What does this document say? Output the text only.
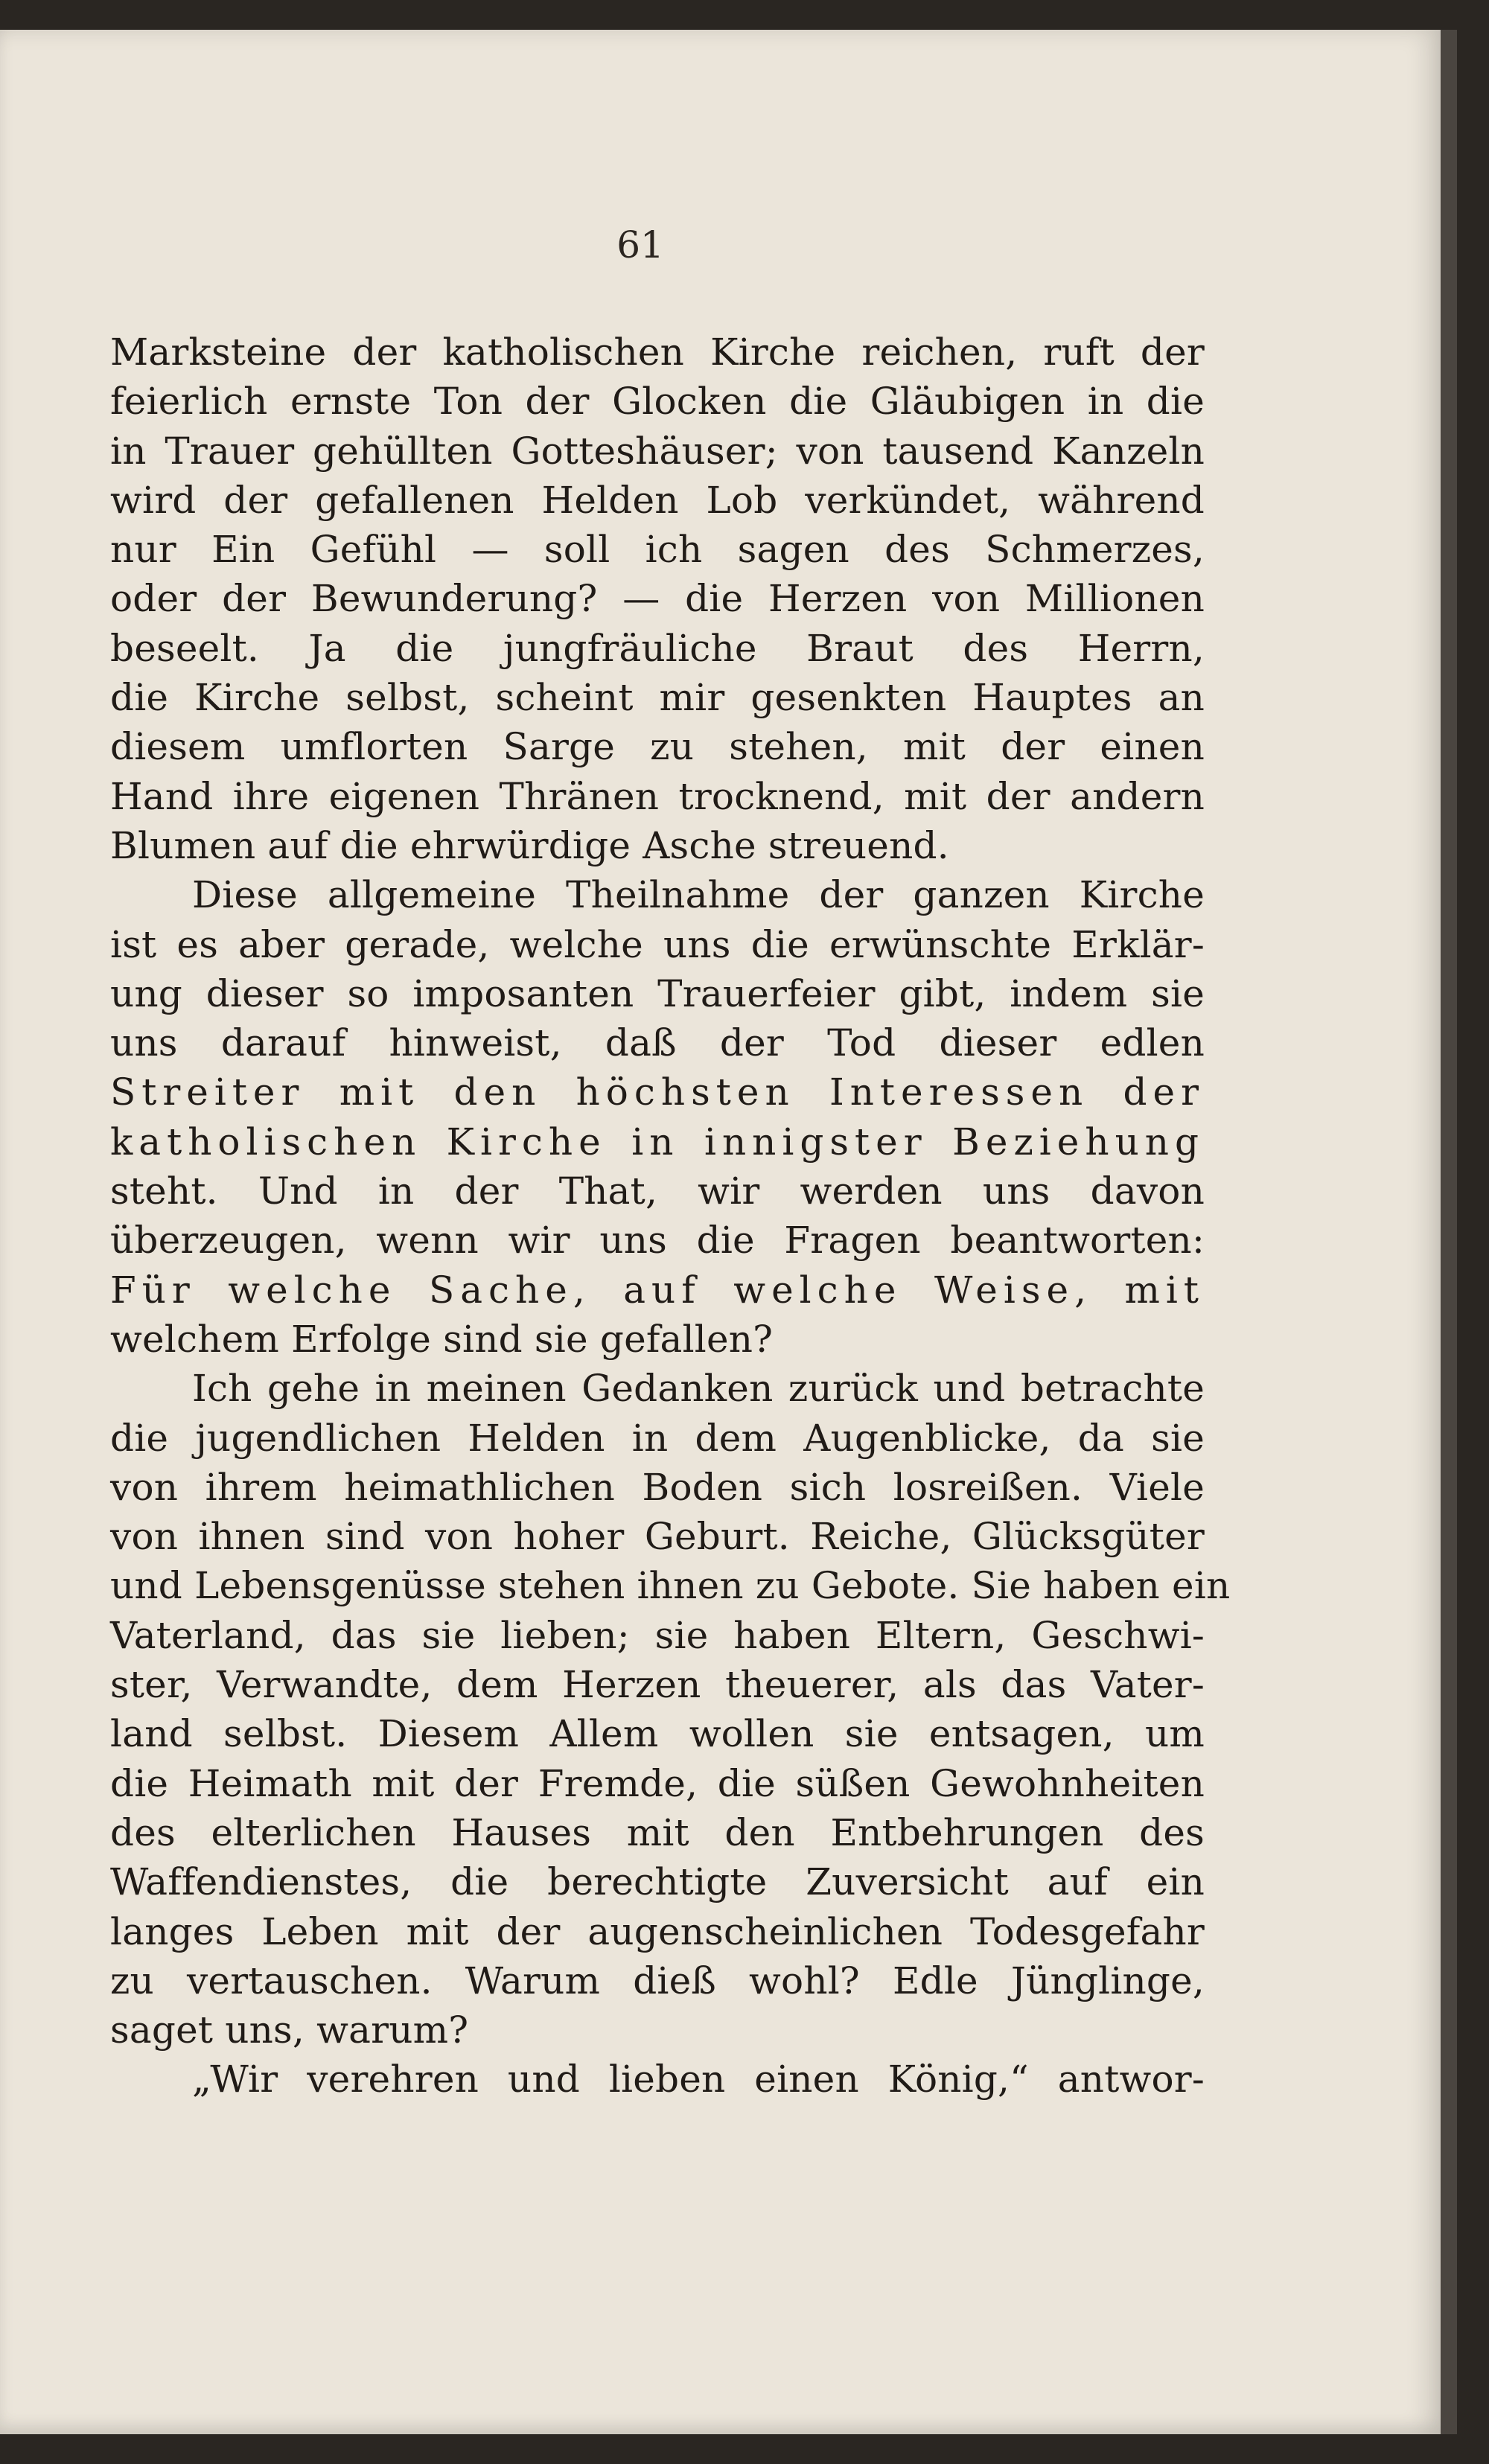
61
Marksteine der katholischen Kirche reichen, ruft der
feierlich ernste Ton der Glocken die Gläubigen in die
in Trauer gehüllten Gotteshäuser; von tausend Kanzeln
wird der gefallenen Helden Lob verkündet, während
nur Ein Gefühl — soll ich sagen des Schmerzes,
oder der Bewunderung? — die Herzen von Millionen
beseelt. Ja die jungfräuliche Braut des Herrn,
die Kirche selbst, scheint mir gesenkten Hauptes an
diesem umflorten Sarge zu stehen, mit der einen
Hand ihre eigenen Thränen trocknend, mit der andern
Blumen auf die ehrwürdige Asche streuend.
Diese allgemeine Theilnahme der ganzen Kirche
ist es aber gerade, welche uns die erwünschte Erklär-
ung dieser so imposanten Trauerfeier gibt, indem sie
uns darauf hinweist, daß der Tod dieser edlen
Streiter mit den höchsten Interessen der
katholischen Kirche in innigster Beziehung
steht. Und in der That, wir werden uns davon
überzeugen, wenn wir uns die Fragen beantworten:
Für welche Sache, auf welche Weise, mit
welchem Erfolge sind sie gefallen?
Ich gehe in meinen Gedanken zurück und betrachte
die jugendlichen Helden in dem Augenblicke, da sie
von ihrem heimathlichen Boden sich losreißen. Viele
von ihnen sind von hoher Geburt. Reiche, Glücksgüter
und Lebensgenüsse stehen ihnen zu Gebote. Sie haben ein
Vaterland, das sie lieben; sie haben Eltern, Geschwi-
ster, Verwandte, dem Herzen theuerer, als das Vater-
land selbst. Diesem Allem wollen sie entsagen, um
die Heimath mit der Fremde, die süßen Gewohnheiten
des elterlichen Hauses mit den Entbehrungen des
Waffendienstes, die berechtigte Zuversicht auf ein
langes Leben mit der augenscheinlichen Todesgefahr
zu vertauschen. Warum dieß wohl? Edle Jünglinge,
saget uns, warum?
„Wir verehren und lieben einen König,“ antwor-
